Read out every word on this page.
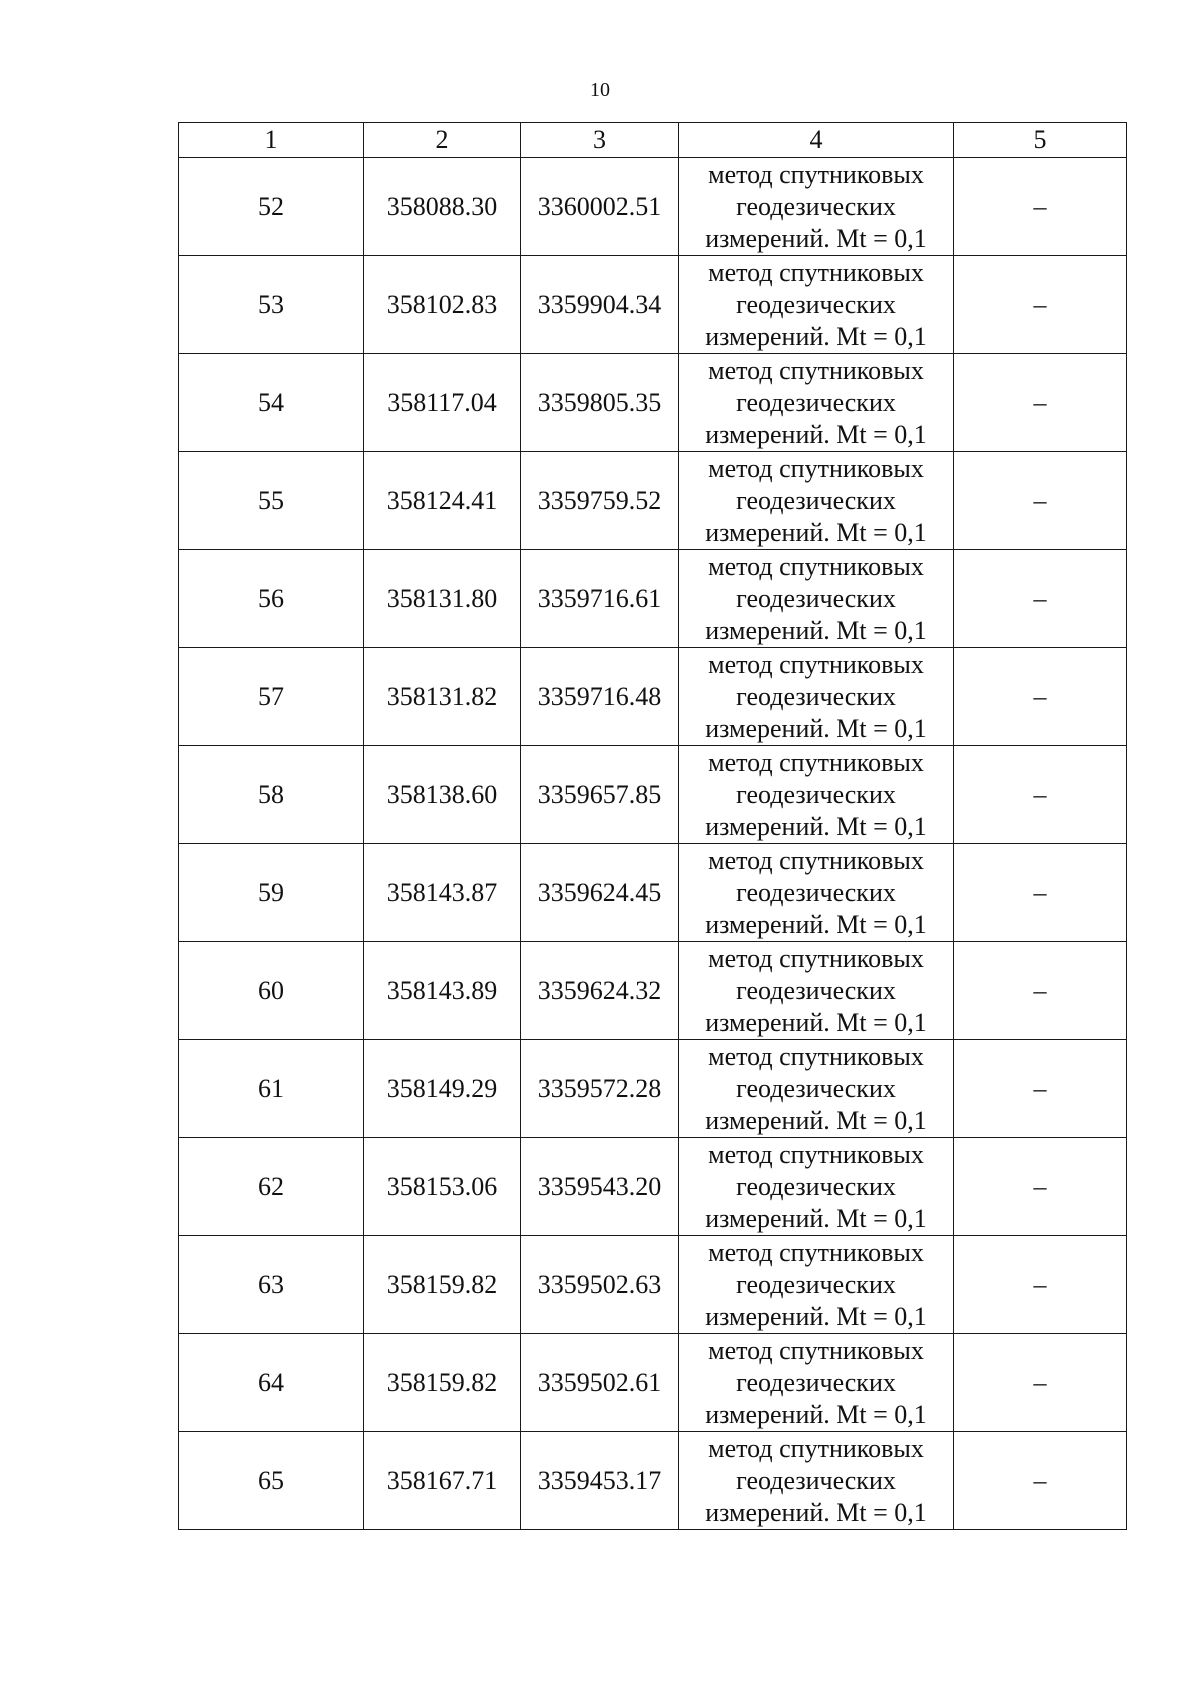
10
1	2	3	4	5
52	358088.30	3360002.51	метод спутниковых
геодезических
измерений. Mt = 0,1	–
53	358102.83	3359904.34	метод спутниковых
геодезических
измерений. Mt = 0,1	–
54	358117.04	3359805.35	метод спутниковых
геодезических
измерений. Mt = 0,1	–
55	358124.41	3359759.52	метод спутниковых
геодезических
измерений. Mt = 0,1	–
56	358131.80	3359716.61	метод спутниковых
геодезических
измерений. Mt = 0,1	–
57	358131.82	3359716.48	метод спутниковых
геодезических
измерений. Mt = 0,1	–
58	358138.60	3359657.85	метод спутниковых
геодезических
измерений. Mt = 0,1	–
59	358143.87	3359624.45	метод спутниковых
геодезических
измерений. Mt = 0,1	–
60	358143.89	3359624.32	метод спутниковых
геодезических
измерений. Mt = 0,1	–
61	358149.29	3359572.28	метод спутниковых
геодезических
измерений. Mt = 0,1	–
62	358153.06	3359543.20	метод спутниковых
геодезических
измерений. Mt = 0,1	–
63	358159.82	3359502.63	метод спутниковых
геодезических
измерений. Mt = 0,1	–
64	358159.82	3359502.61	метод спутниковых
геодезических
измерений. Mt = 0,1	–
65	358167.71	3359453.17	метод спутниковых
геодезических
измерений. Mt = 0,1	–
